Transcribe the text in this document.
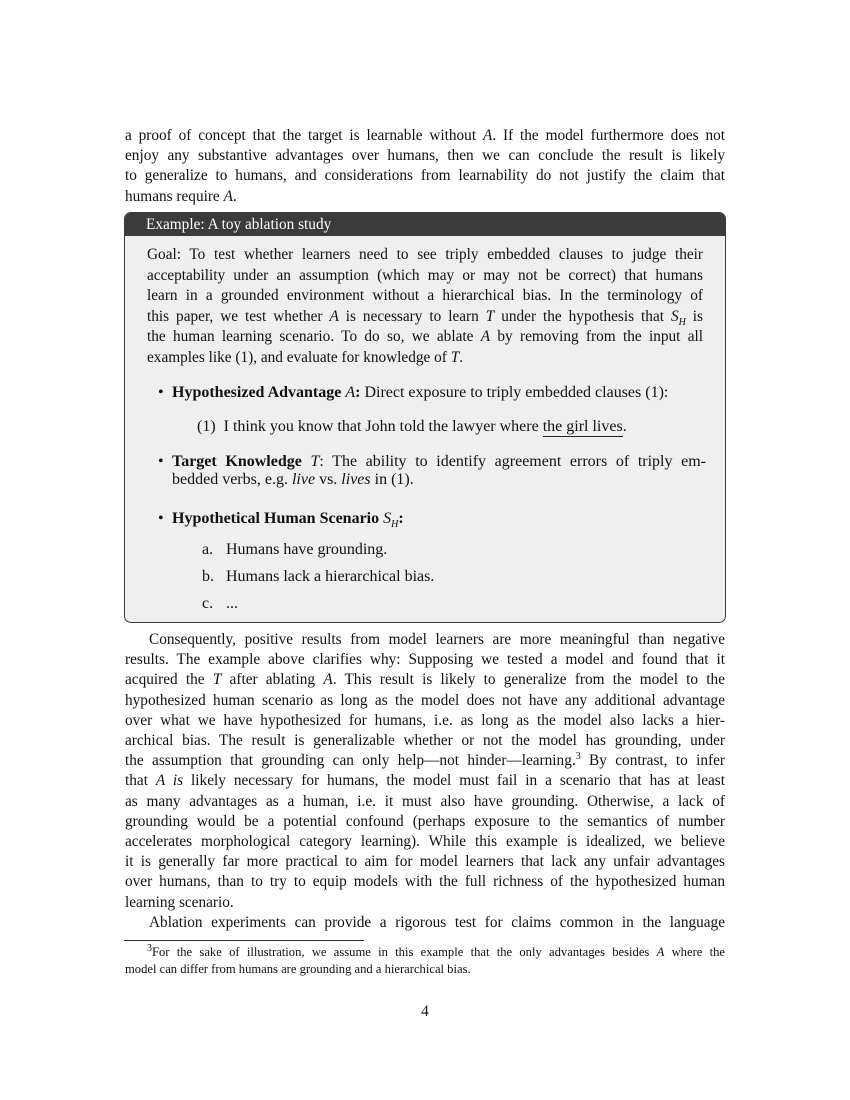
a proof of concept that the target is learnable without A. If the model furthermore does not

enjoy any substantive advantages over humans, then we can conclude the result is likely

to generalize to humans, and considerations from learnability do not justify the claim that

humans require A.

Example: A toy ablation study

Goal: To test whether learners need to see triply embedded clauses to judge their

acceptability under an assumption (which may or may not be correct) that humans

learn in a grounded environment without a hierarchical bias. In the terminology of

this paper, we test whether A is necessary to learn T under the hypothesis that $S_H$ is

the human learning scenario. To do so, we ablate A by removing from the input all

examples like (1), and evaluate for knowledge of T.

• Hypothesized Advantage A: Direct exposure to triply embedded clauses (1):
(1) I think you know that John told the lawyer where the girl lives.
• Target Knowledge T: The ability to identify agreement errors of triply em-
bedded verbs, e.g. live vs. lives in (1).
• Hypothetical Human Scenario $S_H$:
a. Humans have grounding.
b. Humans lack a hierarchical bias.
c. ...

Consequently, positive results from model learners are more meaningful than negative

results. The example above clarifies why: Supposing we tested a model and found that it

acquired the T after ablating A. This result is likely to generalize from the model to the

hypothesized human scenario as long as the model does not have any additional advantage

over what we have hypothesized for humans, i.e. as long as the model also lacks a hier-

archical bias. The result is generalizable whether or not the model has grounding, under

the assumption that grounding can only help—not hinder—learning.$^3$ By contrast, to infer

that A is likely necessary for humans, the model must fail in a scenario that has at least

as many advantages as a human, i.e. it must also have grounding. Otherwise, a lack of

grounding would be a potential confound (perhaps exposure to the semantics of number

accelerates morphological category learning). While this example is idealized, we believe

it is generally far more practical to aim for model learners that lack any unfair advantages

over humans, than to try to equip models with the full richness of the hypothesized human

learning scenario.

Ablation experiments can provide a rigorous test for claims common in the language

$^3$For the sake of illustration, we assume in this example that the only advantages besides A where the
model can differ from humans are grounding and a hierarchical bias.
4
